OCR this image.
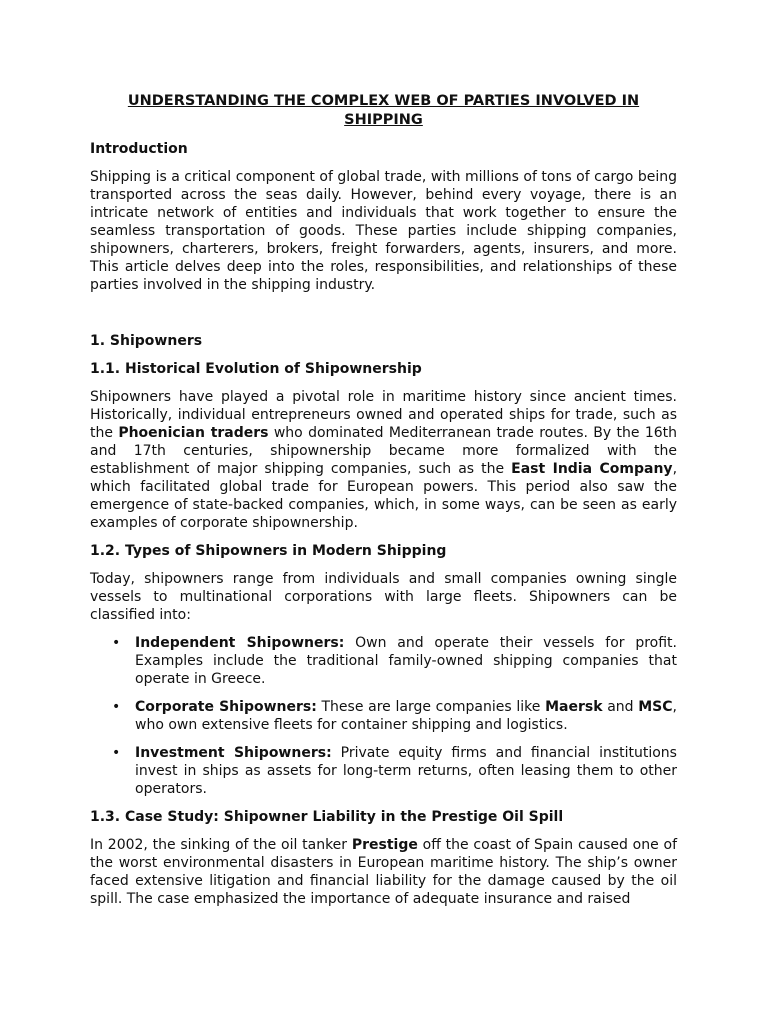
UNDERSTANDING THE COMPLEX WEB OF PARTIES INVOLVED IN SHIPPING
Introduction
Shipping is a critical component of global trade, with millions of tons of cargo being transported across the seas daily. However, behind every voyage, there is an intricate network of entities and individuals that work together to ensure the seamless transportation of goods. These parties include shipping companies, shipowners, charterers, brokers, freight forwarders, agents, insurers, and more. This article delves deep into the roles, responsibilities, and relationships of these parties involved in the shipping industry.
1. Shipowners
1.1. Historical Evolution of Shipownership
Shipowners have played a pivotal role in maritime history since ancient times. Historically, individual entrepreneurs owned and operated ships for trade, such as the Phoenician traders who dominated Mediterranean trade routes. By the 16th and 17th centuries, shipownership became more formalized with the establishment of major shipping companies, such as the East India Company, which facilitated global trade for European powers. This period also saw the emergence of state-backed companies, which, in some ways, can be seen as early examples of corporate shipownership.
1.2. Types of Shipowners in Modern Shipping
Today, shipowners range from individuals and small companies owning single vessels to multinational corporations with large fleets. Shipowners can be classified into:
• Independent Shipowners: Own and operate their vessels for profit. Examples include the traditional family-owned shipping companies that operate in Greece.
• Corporate Shipowners: These are large companies like Maersk and MSC, who own extensive fleets for container shipping and logistics.
• Investment Shipowners: Private equity firms and financial institutions invest in ships as assets for long-term returns, often leasing them to other operators.
1.3. Case Study: Shipowner Liability in the Prestige Oil Spill
In 2002, the sinking of the oil tanker Prestige off the coast of Spain caused one of the worst environmental disasters in European maritime history. The ship’s owner faced extensive litigation and financial liability for the damage caused by the oil spill. The case emphasized the importance of adequate insurance and raised
